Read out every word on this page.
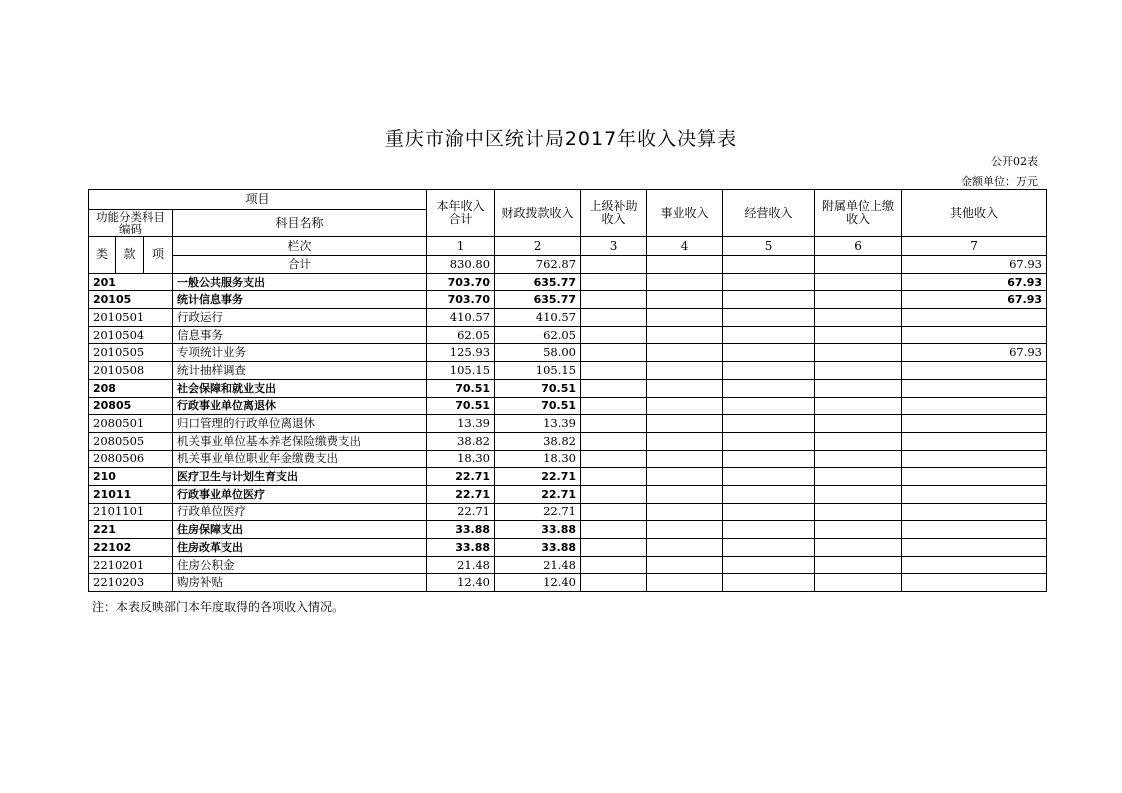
重庆市渝中区统计局2017年收入决算表
公开02表
金额单位：万元
项目				本年收入合计	财政拨款收入	上级补助收入	事业收入	经营收入	附属单位上缴收入	其他收入
功能分类科目编码			科目名称							
类	款	项	栏次	1	2	3	4	5	6	7
			合计	830.80	762.87					67.93
201			一般公共服务支出	703.70	635.77					67.93
20105			统计信息事务	703.70	635.77					67.93
2010501			行政运行	410.57	410.57					
2010504			信息事务	62.05	62.05					
2010505			专项统计业务	125.93	58.00					67.93
2010508			统计抽样调查	105.15	105.15					
208			社会保障和就业支出	70.51	70.51					
20805			行政事业单位离退休	70.51	70.51					
2080501			归口管理的行政单位离退休	13.39	13.39					
2080505			机关事业单位基本养老保险缴费支出	38.82	38.82					
2080506			机关事业单位职业年金缴费支出	18.30	18.30					
210			医疗卫生与计划生育支出	22.71	22.71					
21011			行政事业单位医疗	22.71	22.71					
2101101			行政单位医疗	22.71	22.71					
221			住房保障支出	33.88	33.88					
22102			住房改革支出	33.88	33.88					
2210201			住房公积金	21.48	21.48					
2210203			购房补贴	12.40	12.40					
注：本表反映部门本年度取得的各项收入情况。
